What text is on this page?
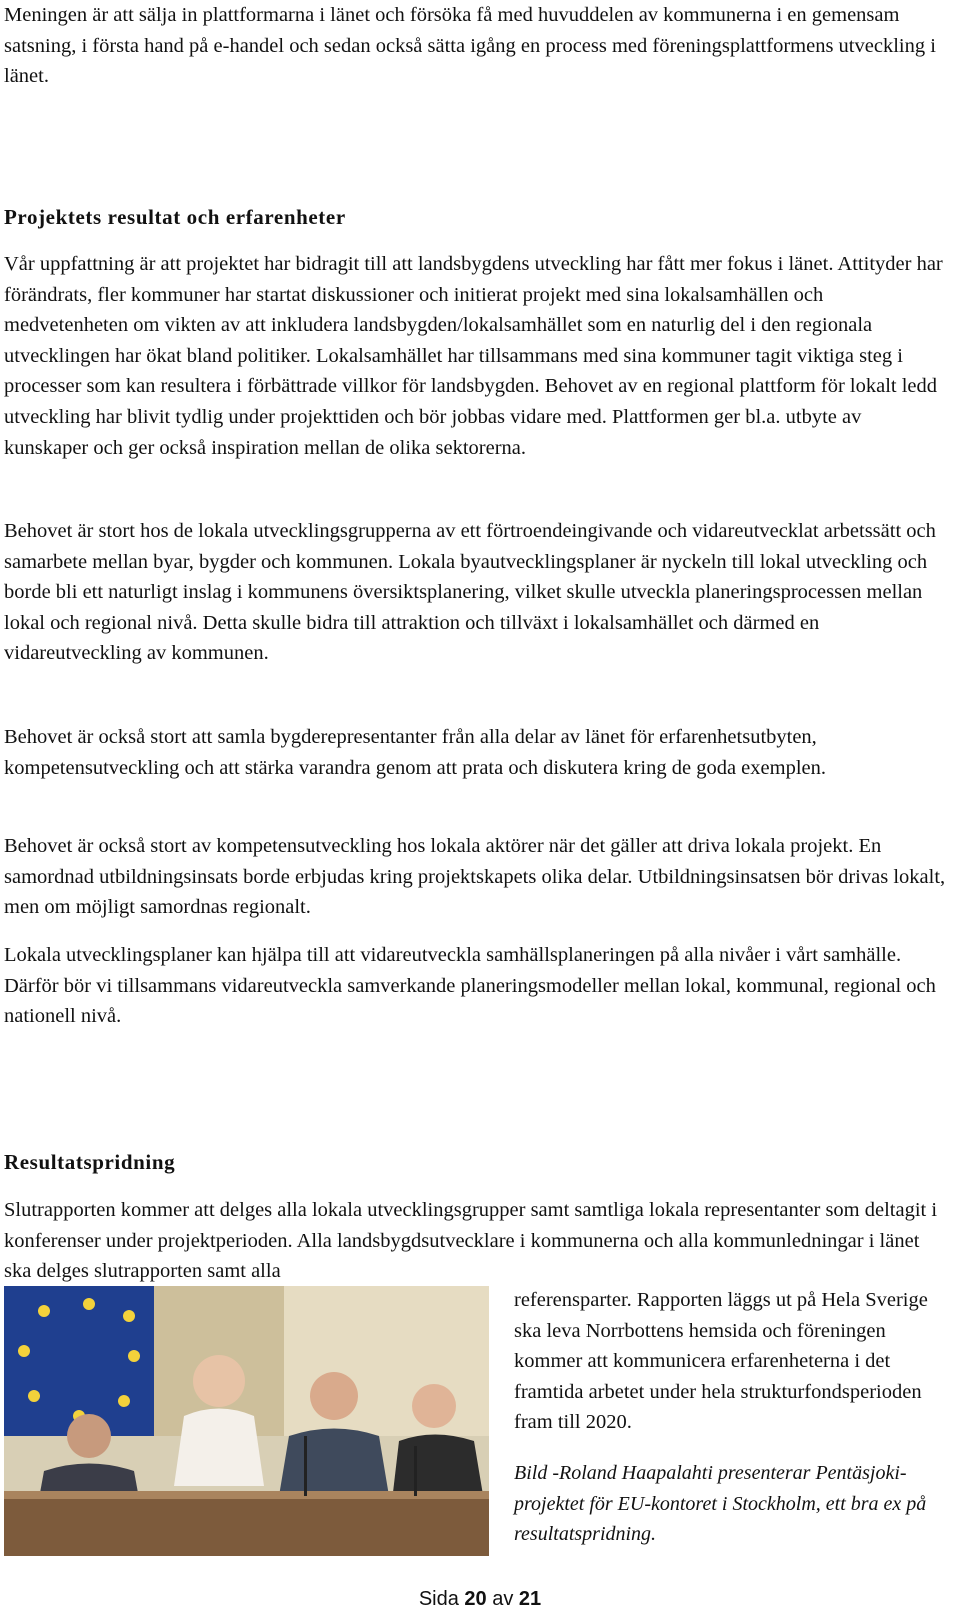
Meningen är att sälja in plattformarna i länet och försöka få med huvuddelen av kommunerna i en gemensam satsning, i första hand på e-handel och sedan också sätta igång en process med föreningsplattformens utveckling i länet.

Projektets resultat och erfarenheter

Vår uppfattning är att projektet har bidragit till att landsbygdens utveckling har fått mer fokus i länet. Attityder har förändrats, fler kommuner har startat diskussioner och initierat projekt med sina lokalsamhällen och medvetenheten om vikten av att inkludera landsbygden/lokalsamhället som en naturlig del i den regionala utvecklingen har ökat bland politiker. Lokalsamhället har tillsammans med sina kommuner tagit viktiga steg i processer som kan resultera i förbättrade villkor för landsbygden. Behovet av en regional plattform för lokalt ledd utveckling har blivit tydlig under projekttiden och bör jobbas vidare med. Plattformen ger bl.a. utbyte av kunskaper och ger också inspiration mellan de olika sektorerna.

Behovet är stort hos de lokala utvecklingsgrupperna av ett förtroendeingivande och vidareutvecklat arbetssätt och samarbete mellan byar, bygder och kommunen. Lokala byautvecklingsplaner är nyckeln till lokal utveckling och borde bli ett naturligt inslag i kommunens översiktsplanering, vilket skulle utveckla planeringsprocessen mellan lokal och regional nivå. Detta skulle bidra till attraktion och tillväxt i lokalsamhället och därmed en vidareutveckling av kommunen.

Behovet är också stort att samla bygderepresentanter från alla delar av länet för erfarenhetsutbyten, kompetensutveckling och att stärka varandra genom att prata och diskutera kring de goda exemplen.

Behovet är också stort av kompetensutveckling hos lokala aktörer när det gäller att driva lokala projekt. En samordnad utbildningsinsats borde erbjudas kring projektskapets olika delar. Utbildningsinsatsen bör drivas lokalt, men om möjligt samordnas regionalt.

Lokala utvecklingsplaner kan hjälpa till att vidareutveckla samhällsplaneringen på alla nivåer i vårt samhälle. Därför bör vi tillsammans vidareutveckla samverkande planeringsmodeller mellan lokal, kommunal, regional och nationell nivå.

Resultatspridning

Slutrapporten kommer att delges alla lokala utvecklingsgrupper samt samtliga lokala representanter som deltagit i konferenser under projektperioden. Alla landsbygdsutvecklare i kommunerna och alla kommunledningar i länet ska delges slutrapporten samt alla

referensparter. Rapporten läggs ut på Hela Sverige ska leva Norrbottens hemsida och föreningen kommer att kommunicera erfarenheterna i det framtida arbetet under hela strukturfondsperioden fram till 2020.

Bild -Roland Haapalahti presenterar Pentäsjoki-projektet för EU-kontoret i Stockholm, ett bra ex på resultatspridning.

Sida 20 av 21
